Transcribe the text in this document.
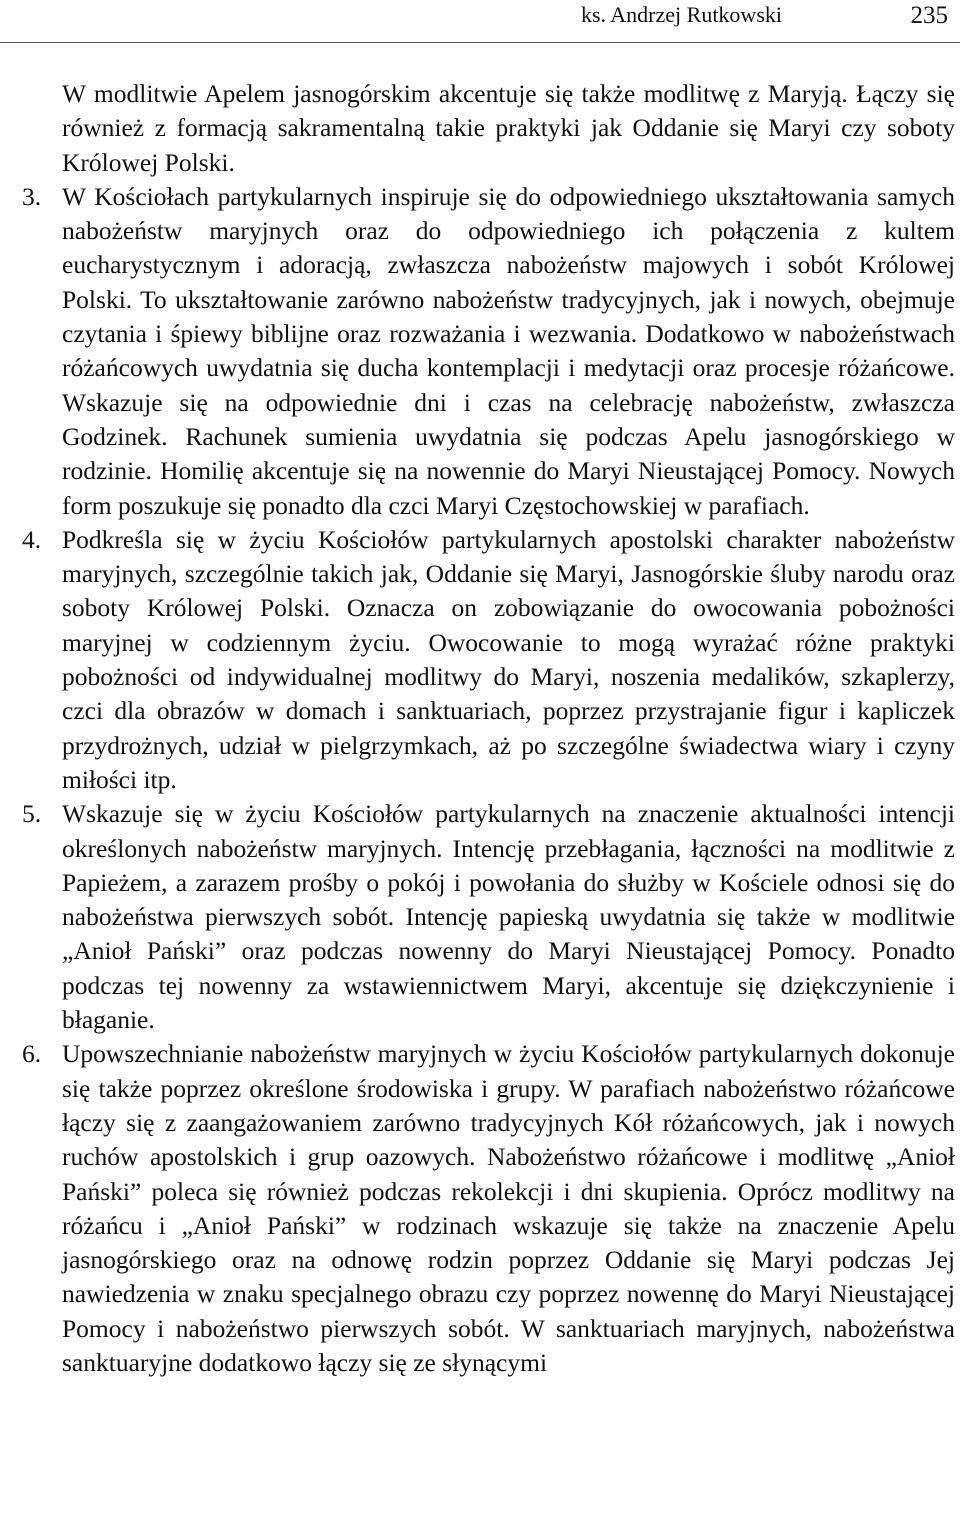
ks. Andrzej Rutkowski	235

W modlitwie Apelem jasnogórskim akcentuje się także modlitwę z Maryją. Łączy się również z formacją sakramentalną takie praktyki jak Oddanie się Maryi czy soboty Królowej Polski.

3. W Kościołach partykularnych inspiruje się do odpowiedniego ukształtowania samych nabożeństw maryjnych oraz do odpowiedniego ich połączenia z kultem eucharystycznym i adoracją, zwłaszcza nabożeństw majowych i sobót Królowej Polski. To ukształtowanie zarówno nabożeństw tradycyjnych, jak i nowych, obejmuje czytania i śpiewy biblijne oraz rozważania i wezwania. Dodatkowo w nabożeństwach różańcowych uwydatnia się ducha kontemplacji i medytacji oraz procesje różańcowe. Wskazuje się na odpowiednie dni i czas na celebrację nabożeństw, zwłaszcza Godzinek. Rachunek sumienia uwydatnia się podczas Apelu jasnogórskiego w rodzinie. Homilię akcentuje się na nowennie do Maryi Nieustającej Pomocy. Nowych form poszukuje się ponadto dla czci Maryi Częstochowskiej w parafiach.

4. Podkreśla się w życiu Kościołów partykularnych apostolski charakter nabożeństw maryjnych, szczególnie takich jak, Oddanie się Maryi, Jasnogórskie śluby narodu oraz soboty Królowej Polski. Oznacza on zobowiązanie do owocowania pobożności maryjnej w codziennym życiu. Owocowanie to mogą wyrażać różne praktyki pobożności od indywidualnej modlitwy do Maryi, noszenia medalików, szkaplerzy, czci dla obrazów w domach i sanktuariach, poprzez przystrajanie figur i kapliczek przydrożnych, udział w pielgrzymkach, aż po szczególne świadectwa wiary i czyny miłości itp.

5. Wskazuje się w życiu Kościołów partykularnych na znaczenie aktualności intencji określonych nabożeństw maryjnych. Intencję przebłagania, łączności na modlitwie z Papieżem, a zarazem prośby o pokój i powołania do służby w Kościele odnosi się do nabożeństwa pierwszych sobót. Intencję papieską uwydatnia się także w modlitwie „Anioł Pański” oraz podczas nowenny do Maryi Nieustającej Pomocy. Ponadto podczas tej nowenny za wstawiennictwem Maryi, akcentuje się dziękczynienie i błaganie.

6. Upowszechnianie nabożeństw maryjnych w życiu Kościołów partykularnych dokonuje się także poprzez określone środowiska i grupy. W parafiach nabożeństwo różańcowe łączy się z zaangażowaniem zarówno tradycyjnych Kół różańcowych, jak i nowych ruchów apostolskich i grup oazowych. Nabożeństwo różańcowe i modlitwę „Anioł Pański” poleca się również podczas rekolekcji i dni skupienia. Oprócz modlitwy na różańcu i „Anioł Pański” w rodzinach wskazuje się także na znaczenie Apelu jasnogórskiego oraz na odnowę rodzin poprzez Oddanie się Maryi podczas Jej nawiedzenia w znaku specjalnego obrazu czy poprzez nowennę do Maryi Nieustającej Pomocy i nabożeństwo pierwszych sobót. W sanktuariach maryjnych, nabożeństwa sanktuaryjne dodatkowo łączy się ze słynącymi
